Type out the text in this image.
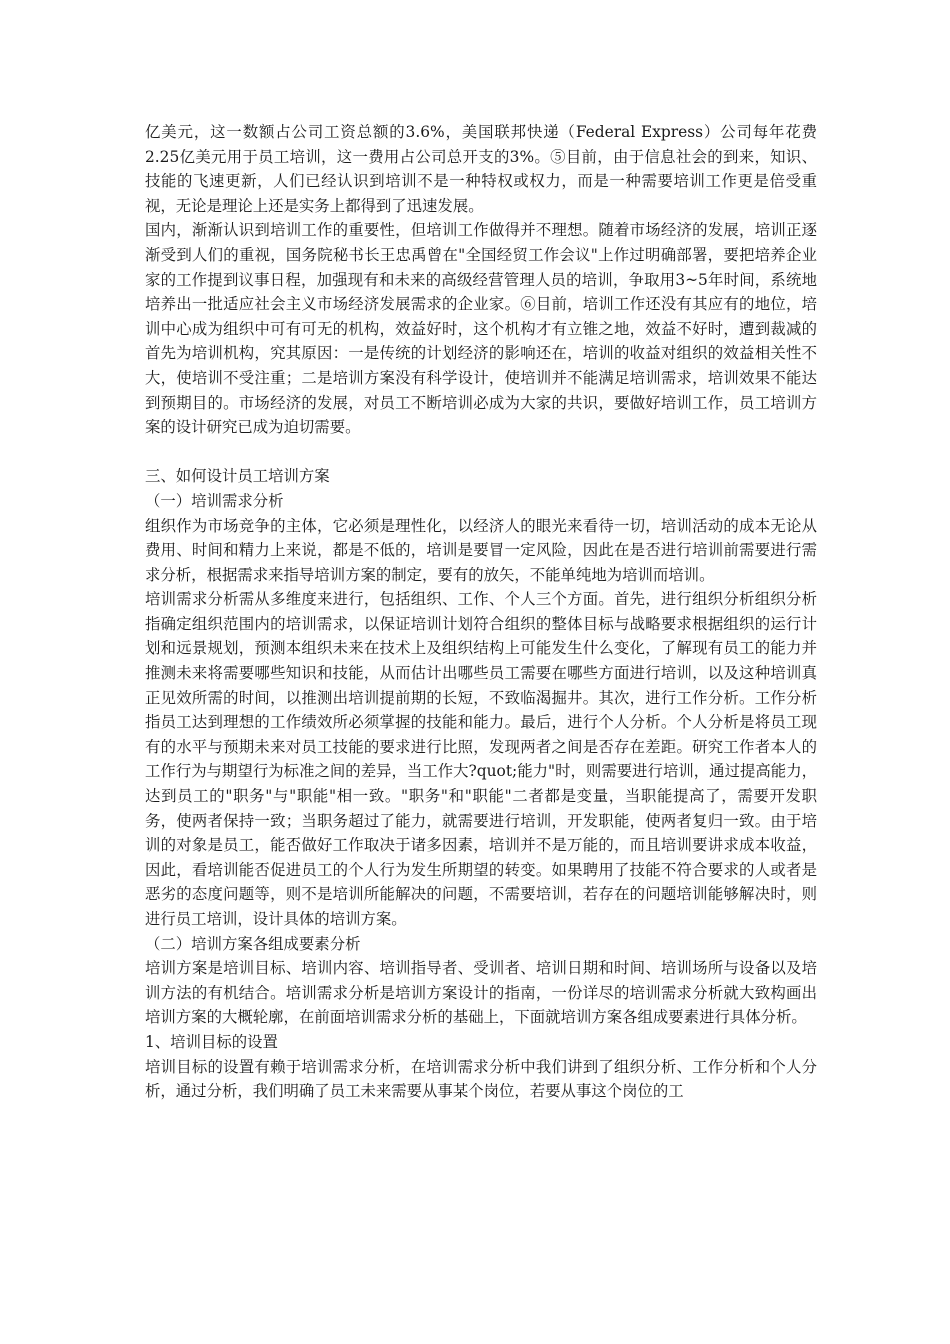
亿美元，这一数额占公司工资总额的3.6%，美国联邦快递（Federal Express）公司每年花费2.25亿美元用于员工培训，这一费用占公司总开支的3%。⑤目前，由于信息社会的到来，知识、技能的飞速更新，人们已经认识到培训不是一种特权或权力，而是一种需要培训工作更是倍受重视，无论是理论上还是实务上都得到了迅速发展。

国内，渐渐认识到培训工作的重要性，但培训工作做得并不理想。随着市场经济的发展，培训正逐渐受到人们的重视，国务院秘书长王忠禹曾在"全国经贸工作会议"上作过明确部署，要把培养企业家的工作提到议事日程，加强现有和未来的高级经营管理人员的培训，争取用3~5年时间，系统地培养出一批适应社会主义市场经济发展需求的企业家。⑥目前，培训工作还没有其应有的地位，培训中心成为组织中可有可无的机构，效益好时，这个机构才有立锥之地，效益不好时，遭到裁减的首先为培训机构，究其原因：一是传统的计划经济的影响还在，培训的收益对组织的效益相关性不大，使培训不受注重；二是培训方案没有科学设计，使培训并不能满足培训需求，培训效果不能达到预期目的。市场经济的发展，对员工不断培训必成为大家的共识，要做好培训工作，员工培训方案的设计研究已成为迫切需要。

三、如何设计员工培训方案

（一）培训需求分析

组织作为市场竞争的主体，它必须是理性化，以经济人的眼光来看待一切，培训活动的成本无论从费用、时间和精力上来说，都是不低的，培训是要冒一定风险，因此在是否进行培训前需要进行需求分析，根据需求来指导培训方案的制定，要有的放矢，不能单纯地为培训而培训。

培训需求分析需从多维度来进行，包括组织、工作、个人三个方面。首先，进行组织分析组织分析指确定组织范围内的培训需求，以保证培训计划符合组织的整体目标与战略要求根据组织的运行计划和远景规划，预测本组织未来在技术上及组织结构上可能发生什么变化，了解现有员工的能力并推测未来将需要哪些知识和技能，从而估计出哪些员工需要在哪些方面进行培训，以及这种培训真正见效所需的时间，以推测出培训提前期的长短，不致临渴掘井。其次，进行工作分析。工作分析指员工达到理想的工作绩效所必须掌握的技能和能力。最后，进行个人分析。个人分析是将员工现有的水平与预期未来对员工技能的要求进行比照，发现两者之间是否存在差距。研究工作者本人的工作行为与期望行为标准之间的差异，当工作大?quot;能力"时，则需要进行培训，通过提高能力，达到员工的"职务"与"职能"相一致。"职务"和"职能"二者都是变量，当职能提高了，需要开发职务，使两者保持一致；当职务超过了能力，就需要进行培训，开发职能，使两者复归一致。由于培训的对象是员工，能否做好工作取决于诸多因素，培训并不是万能的，而且培训要讲求成本收益，因此，看培训能否促进员工的个人行为发生所期望的转变。如果聘用了技能不符合要求的人或者是恶劣的态度问题等，则不是培训所能解决的问题，不需要培训，若存在的问题培训能够解决时，则进行员工培训，设计具体的培训方案。

（二）培训方案各组成要素分析

培训方案是培训目标、培训内容、培训指导者、受训者、培训日期和时间、培训场所与设备以及培训方法的有机结合。培训需求分析是培训方案设计的指南，一份详尽的培训需求分析就大致构画出培训方案的大概轮廓，在前面培训需求分析的基础上，下面就培训方案各组成要素进行具体分析。

1、培训目标的设置

培训目标的设置有赖于培训需求分析，在培训需求分析中我们讲到了组织分析、工作分析和个人分析，通过分析，我们明确了员工未来需要从事某个岗位，若要从事这个岗位的工
